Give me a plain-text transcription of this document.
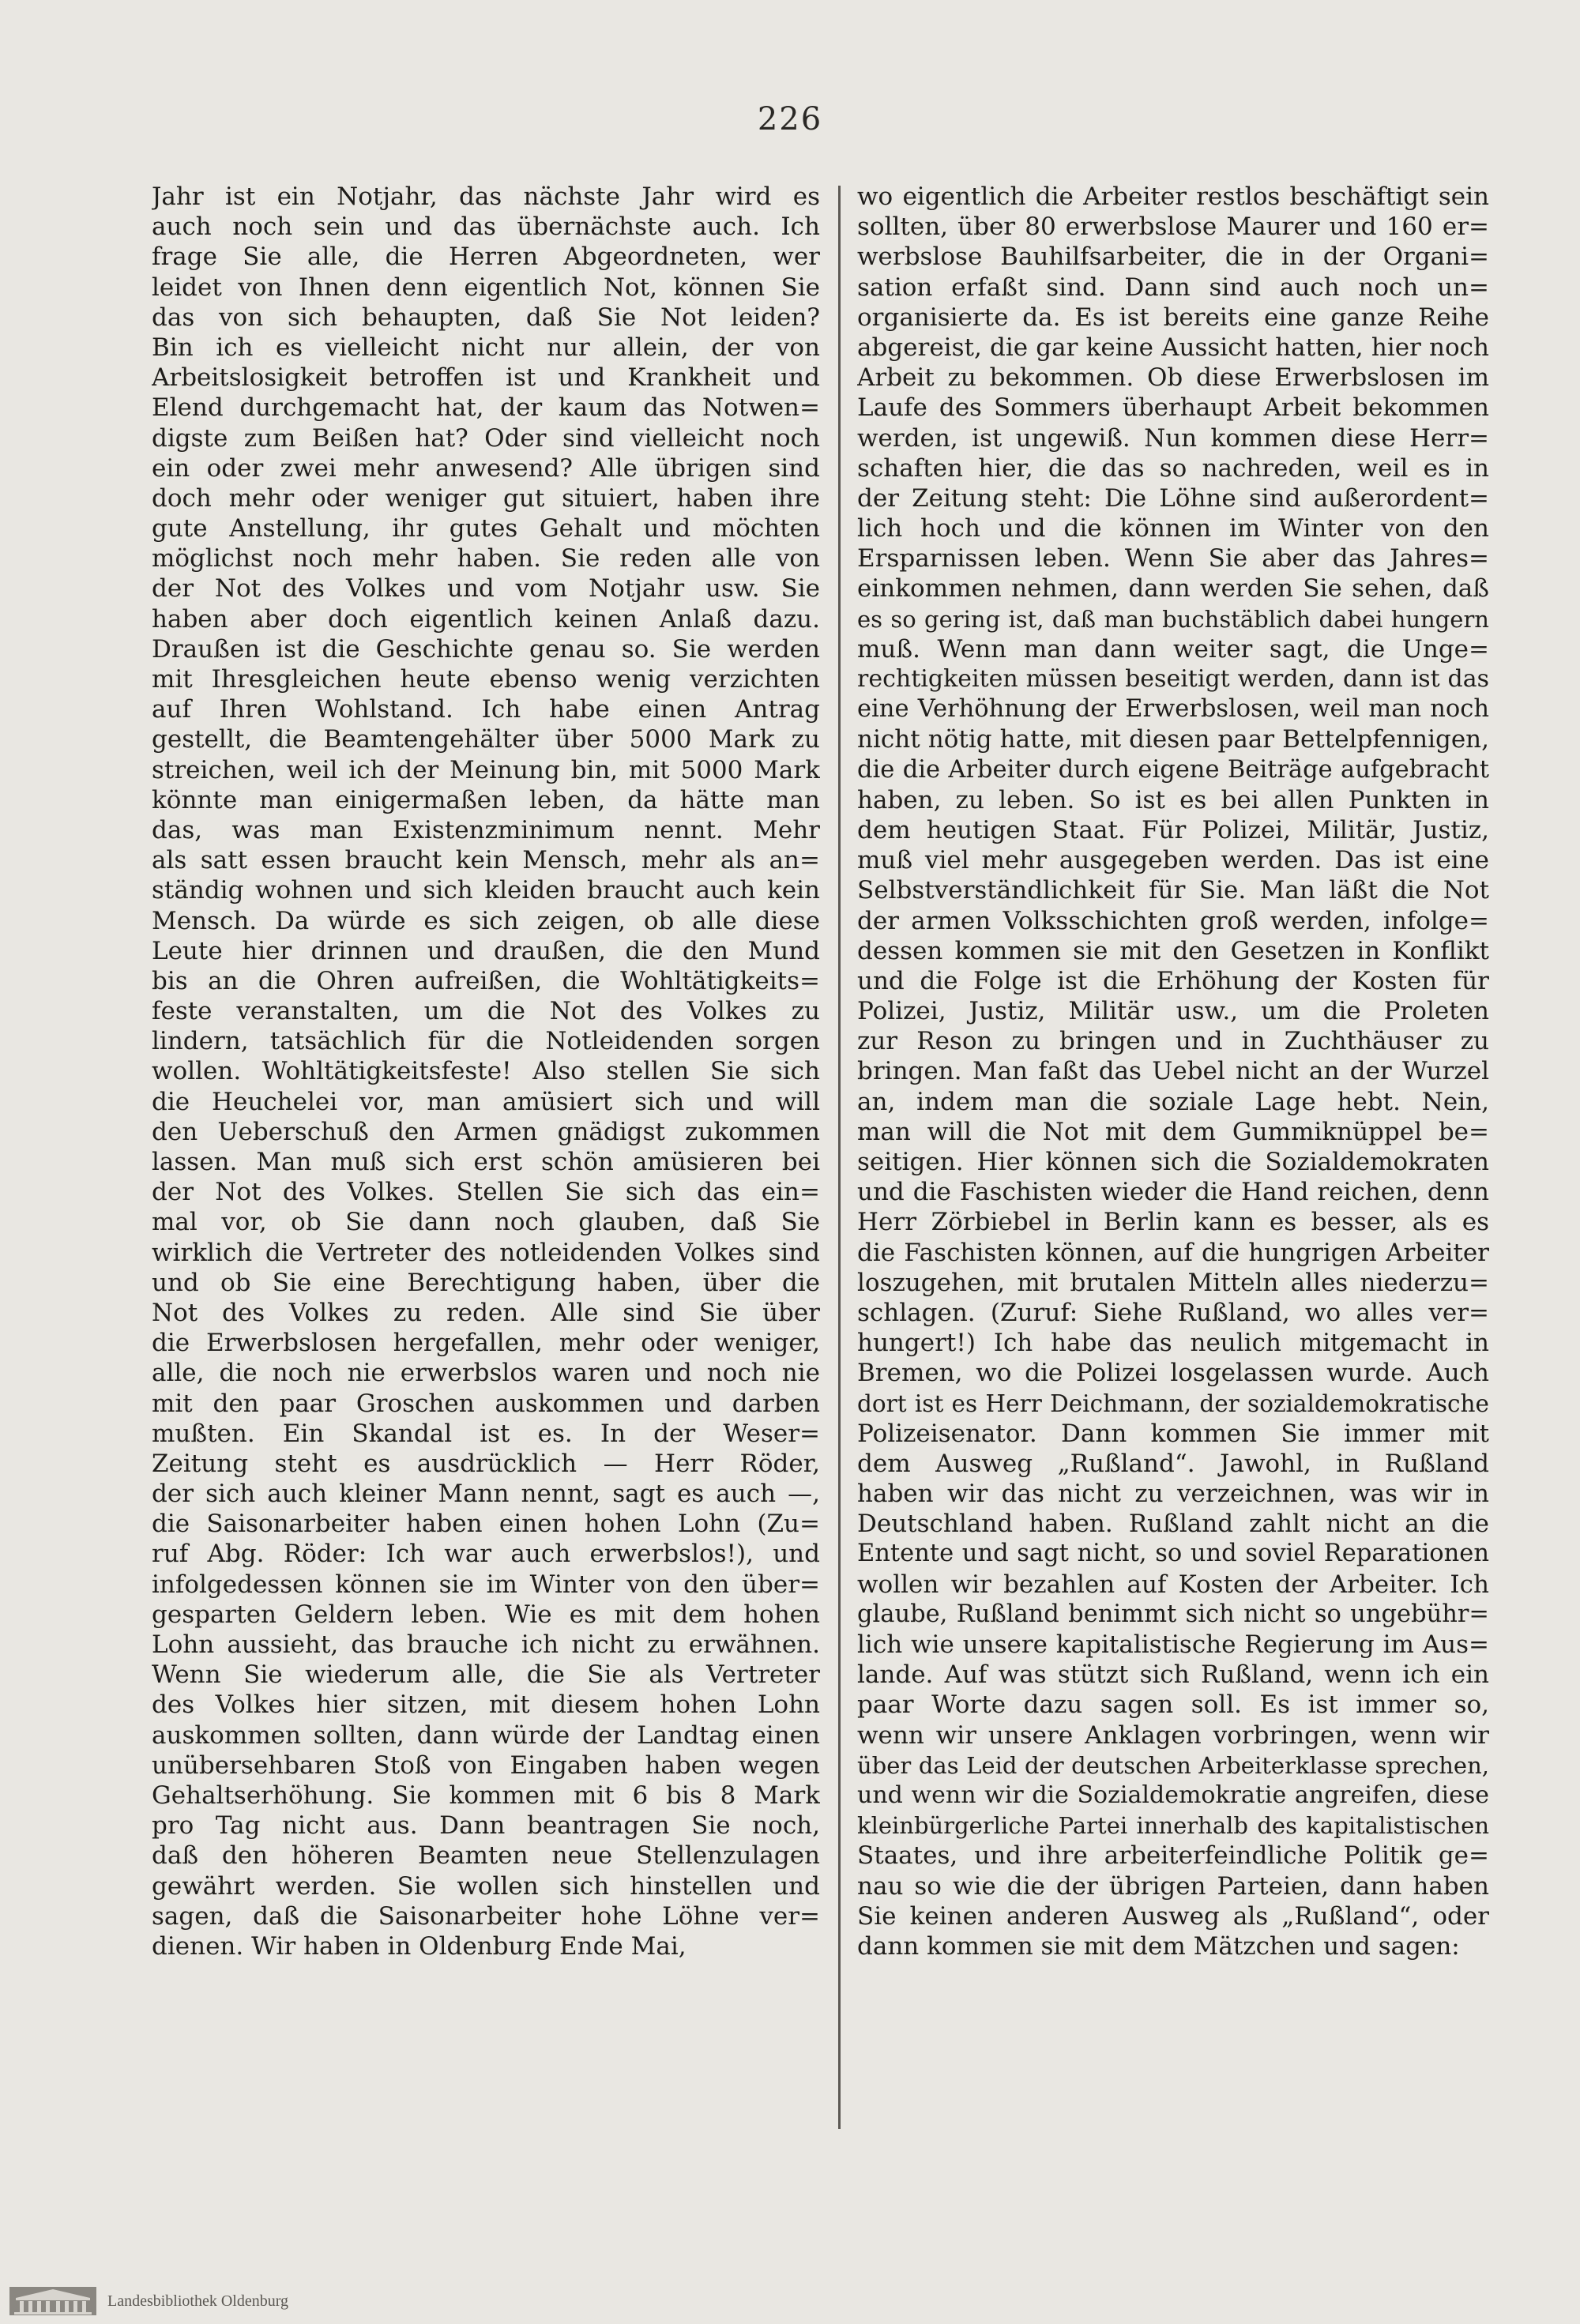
226
Jahr ist ein Notjahr, das nächste Jahr wird es
auch noch sein und das übernächste auch. Ich
frage Sie alle, die Herren Abgeordneten, wer
leidet von Ihnen denn eigentlich Not, können Sie
das von sich behaupten, daß Sie Not leiden?
Bin ich es vielleicht nicht nur allein, der von
Arbeitslosigkeit betroffen ist und Krankheit und
Elend durchgemacht hat, der kaum das Notwen=
digste zum Beißen hat? Oder sind vielleicht noch
ein oder zwei mehr anwesend? Alle übrigen sind
doch mehr oder weniger gut situiert, haben ihre
gute Anstellung, ihr gutes Gehalt und möchten
möglichst noch mehr haben. Sie reden alle von
der Not des Volkes und vom Notjahr usw. Sie
haben aber doch eigentlich keinen Anlaß dazu.
Draußen ist die Geschichte genau so. Sie werden
mit Ihresgleichen heute ebenso wenig verzichten
auf Ihren Wohlstand. Ich habe einen Antrag
gestellt, die Beamtengehälter über 5000 Mark zu
streichen, weil ich der Meinung bin, mit 5000 Mark
könnte man einigermaßen leben, da hätte man
das, was man Existenzminimum nennt. Mehr
als satt essen braucht kein Mensch, mehr als an=
ständig wohnen und sich kleiden braucht auch kein
Mensch. Da würde es sich zeigen, ob alle diese
Leute hier drinnen und draußen, die den Mund
bis an die Ohren aufreißen, die Wohltätigkeits=
feste veranstalten, um die Not des Volkes zu
lindern, tatsächlich für die Notleidenden sorgen
wollen. Wohltätigkeitsfeste! Also stellen Sie sich
die Heuchelei vor, man amüsiert sich und will
den Ueberschuß den Armen gnädigst zukommen
lassen. Man muß sich erst schön amüsieren bei
der Not des Volkes. Stellen Sie sich das ein=
mal vor, ob Sie dann noch glauben, daß Sie
wirklich die Vertreter des notleidenden Volkes sind
und ob Sie eine Berechtigung haben, über die
Not des Volkes zu reden. Alle sind Sie über
die Erwerbslosen hergefallen, mehr oder weniger,
alle, die noch nie erwerbslos waren und noch nie
mit den paar Groschen auskommen und darben
mußten. Ein Skandal ist es. In der Weser=
Zeitung steht es ausdrücklich — Herr Röder,
der sich auch kleiner Mann nennt, sagt es auch —,
die Saisonarbeiter haben einen hohen Lohn (Zu=
ruf Abg. Röder: Ich war auch erwerbslos!), und
infolgedessen können sie im Winter von den über=
gesparten Geldern leben. Wie es mit dem hohen
Lohn aussieht, das brauche ich nicht zu erwähnen.
Wenn Sie wiederum alle, die Sie als Vertreter
des Volkes hier sitzen, mit diesem hohen Lohn
auskommen sollten, dann würde der Landtag einen
unübersehbaren Stoß von Eingaben haben wegen
Gehaltserhöhung. Sie kommen mit 6 bis 8 Mark
pro Tag nicht aus. Dann beantragen Sie noch,
daß den höheren Beamten neue Stellenzulagen
gewährt werden. Sie wollen sich hinstellen und
sagen, daß die Saisonarbeiter hohe Löhne ver=
dienen. Wir haben in Oldenburg Ende Mai,
wo eigentlich die Arbeiter restlos beschäftigt sein
sollten, über 80 erwerbslose Maurer und 160 er=
werbslose Bauhilfsarbeiter, die in der Organi=
sation erfaßt sind. Dann sind auch noch un=
organisierte da. Es ist bereits eine ganze Reihe
abgereist, die gar keine Aussicht hatten, hier noch
Arbeit zu bekommen. Ob diese Erwerbslosen im
Laufe des Sommers überhaupt Arbeit bekommen
werden, ist ungewiß. Nun kommen diese Herr=
schaften hier, die das so nachreden, weil es in
der Zeitung steht: Die Löhne sind außerordent=
lich hoch und die können im Winter von den
Ersparnissen leben. Wenn Sie aber das Jahres=
einkommen nehmen, dann werden Sie sehen, daß
es so gering ist, daß man buchstäblich dabei hungern
muß. Wenn man dann weiter sagt, die Unge=
rechtigkeiten müssen beseitigt werden, dann ist das
eine Verhöhnung der Erwerbslosen, weil man noch
nicht nötig hatte, mit diesen paar Bettelpfennigen,
die die Arbeiter durch eigene Beiträge aufgebracht
haben, zu leben. So ist es bei allen Punkten in
dem heutigen Staat. Für Polizei, Militär, Justiz,
muß viel mehr ausgegeben werden. Das ist eine
Selbstverständlichkeit für Sie. Man läßt die Not
der armen Volksschichten groß werden, infolge=
dessen kommen sie mit den Gesetzen in Konflikt
und die Folge ist die Erhöhung der Kosten für
Polizei, Justiz, Militär usw., um die Proleten
zur Reson zu bringen und in Zuchthäuser zu
bringen. Man faßt das Uebel nicht an der Wurzel
an, indem man die soziale Lage hebt. Nein,
man will die Not mit dem Gummiknüppel be=
seitigen. Hier können sich die Sozialdemokraten
und die Faschisten wieder die Hand reichen, denn
Herr Zörbiebel in Berlin kann es besser, als es
die Faschisten können, auf die hungrigen Arbeiter
loszugehen, mit brutalen Mitteln alles niederzu=
schlagen. (Zuruf: Siehe Rußland, wo alles ver=
hungert!) Ich habe das neulich mitgemacht in
Bremen, wo die Polizei losgelassen wurde. Auch
dort ist es Herr Deichmann, der sozialdemokratische
Polizeisenator. Dann kommen Sie immer mit
dem Ausweg „Rußland“. Jawohl, in Rußland
haben wir das nicht zu verzeichnen, was wir in
Deutschland haben. Rußland zahlt nicht an die
Entente und sagt nicht, so und soviel Reparationen
wollen wir bezahlen auf Kosten der Arbeiter. Ich
glaube, Rußland benimmt sich nicht so ungebühr=
lich wie unsere kapitalistische Regierung im Aus=
lande. Auf was stützt sich Rußland, wenn ich ein
paar Worte dazu sagen soll. Es ist immer so,
wenn wir unsere Anklagen vorbringen, wenn wir
über das Leid der deutschen Arbeiterklasse sprechen,
und wenn wir die Sozialdemokratie angreifen, diese
kleinbürgerliche Partei innerhalb des kapitalistischen
Staates, und ihre arbeiterfeindliche Politik ge=
nau so wie die der übrigen Parteien, dann haben
Sie keinen anderen Ausweg als „Rußland“, oder
dann kommen sie mit dem Mätzchen und sagen:
Landesbibliothek Oldenburg
